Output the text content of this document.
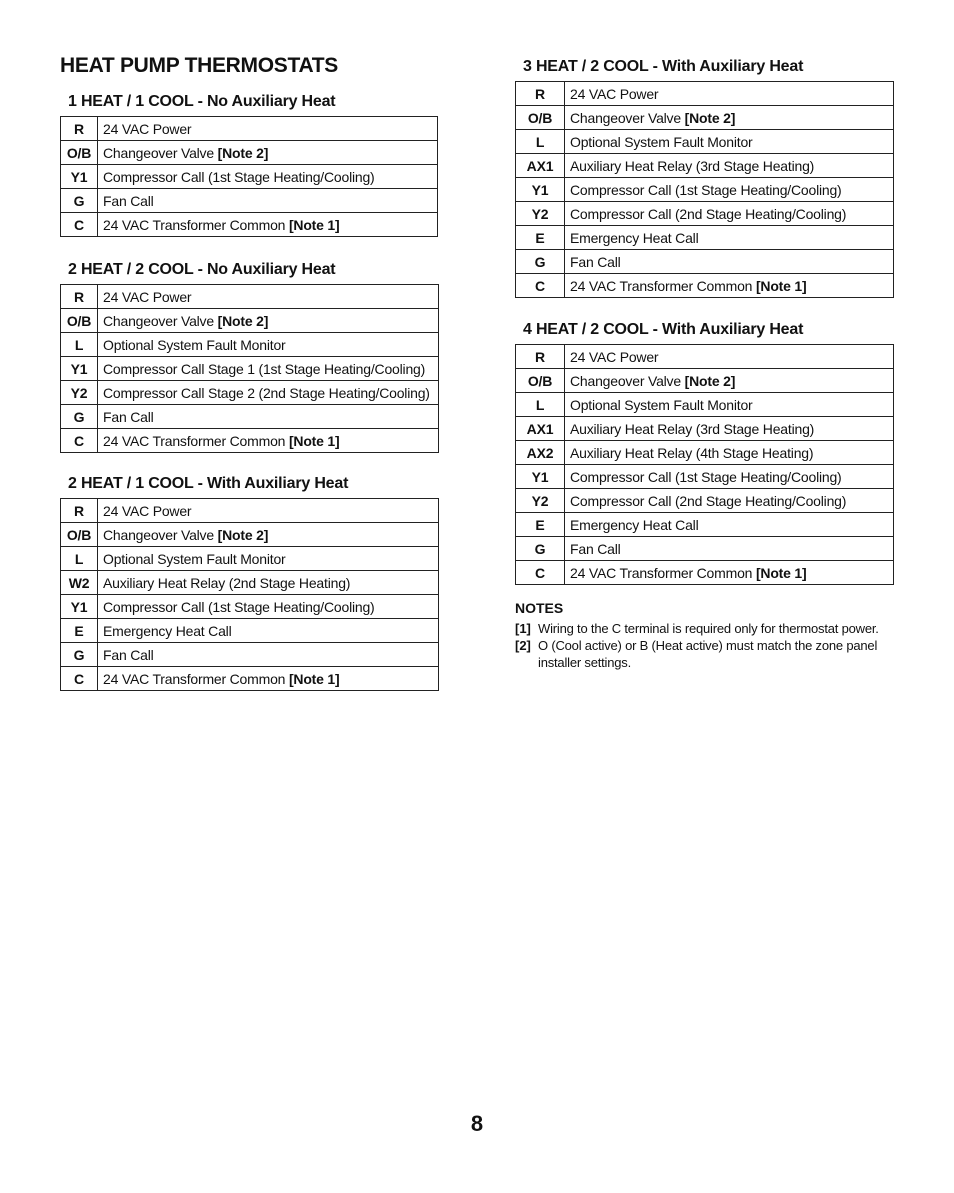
HEAT PUMP THERMOSTATS
1 HEAT / 1 COOL - No Auxiliary Heat
R	24 VAC Power
O/B	Changeover Valve [Note 2]
Y1	Compressor Call (1st Stage Heating/Cooling)
G	Fan Call
C	24 VAC Transformer Common [Note 1]
2 HEAT / 2 COOL - No Auxiliary Heat
R	24 VAC Power
O/B	Changeover Valve [Note 2]
L	Optional System Fault Monitor
Y1	Compressor Call Stage 1 (1st Stage Heating/Cooling)
Y2	Compressor Call Stage 2 (2nd Stage Heating/Cooling)
G	Fan Call
C	24 VAC Transformer Common [Note 1]
2 HEAT / 1 COOL - With Auxiliary Heat
R	24 VAC Power
O/B	Changeover Valve [Note 2]
L	Optional System Fault Monitor
W2	Auxiliary Heat Relay (2nd Stage Heating)
Y1	Compressor Call (1st Stage Heating/Cooling)
E	Emergency Heat Call
G	Fan Call
C	24 VAC Transformer Common [Note 1]
3 HEAT / 2 COOL - With Auxiliary Heat
R	24 VAC Power
O/B	Changeover Valve [Note 2]
L	Optional System Fault Monitor
AX1	Auxiliary Heat Relay (3rd Stage Heating)
Y1	Compressor Call (1st Stage Heating/Cooling)
Y2	Compressor Call (2nd Stage Heating/Cooling)
E	Emergency Heat Call
G	Fan Call
C	24 VAC Transformer Common [Note 1]
4 HEAT / 2 COOL - With Auxiliary Heat
R	24 VAC Power
O/B	Changeover Valve [Note 2]
L	Optional System Fault Monitor
AX1	Auxiliary Heat Relay (3rd Stage Heating)
AX2	Auxiliary Heat Relay (4th Stage Heating)
Y1	Compressor Call (1st Stage Heating/Cooling)
Y2	Compressor Call (2nd Stage Heating/Cooling)
E	Emergency Heat Call
G	Fan Call
C	24 VAC Transformer Common [Note 1]
NOTES
[1] Wiring to the C terminal is required only for thermostat power.
[2] O (Cool active) or B (Heat active) must match the zone panel installer settings.
8
